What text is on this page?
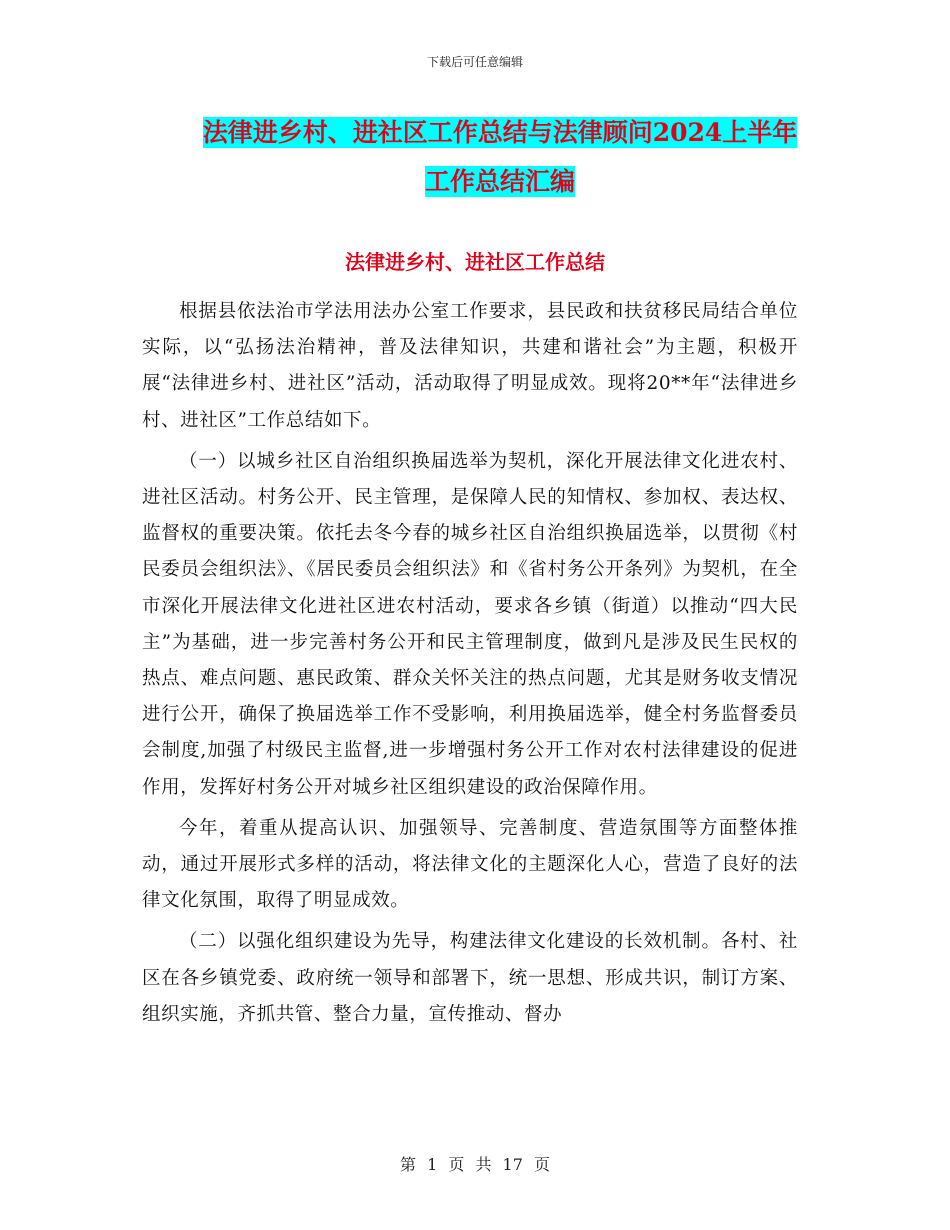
下载后可任意编辑
法律进乡村、进社区工作总结与法律顾问2024上半年
工作总结汇编
法律进乡村、进社区工作总结

根据县依法治市学法用法办公室工作要求，县民政和扶贫移民局结合单位实际，以“弘扬法治精神，普及法律知识，共建和谐社会”为主题，积极开展“法律进乡村、进社区”活动，活动取得了明显成效。现将20**年“法律进乡村、进社区”工作总结如下。

（一）以城乡社区自治组织换届选举为契机，深化开展法律文化进农村、进社区活动。村务公开、民主管理，是保障人民的知情权、参加权、表达权、监督权的重要决策。依托去冬今春的城乡社区自治组织换届选举，以贯彻《村民委员会组织法》、《居民委员会组织法》和《省村务公开条列》为契机，在全市深化开展法律文化进社区进农村活动，要求各乡镇（街道）以推动“四大民主”为基础，进一步完善村务公开和民主管理制度，做到凡是涉及民生民权的热点、难点问题、惠民政策、群众关怀关注的热点问题，尤其是财务收支情况进行公开，确保了换届选举工作不受影响，利用换届选举，健全村务监督委员会制度,加强了村级民主监督,进一步增强村务公开工作对农村法律建设的促进作用，发挥好村务公开对城乡社区组织建设的政治保障作用。

今年，着重从提高认识、加强领导、完善制度、营造氛围等方面整体推动，通过开展形式多样的活动，将法律文化的主题深化人心，营造了良好的法律文化氛围，取得了明显成效。

（二）以强化组织建设为先导，构建法律文化建设的长效机制。各村、社区在各乡镇党委、政府统一领导和部署下，统一思想、形成共识，制订方案、组织实施，齐抓共管、整合力量，宣传推动、督办

第 1 页 共 17 页
